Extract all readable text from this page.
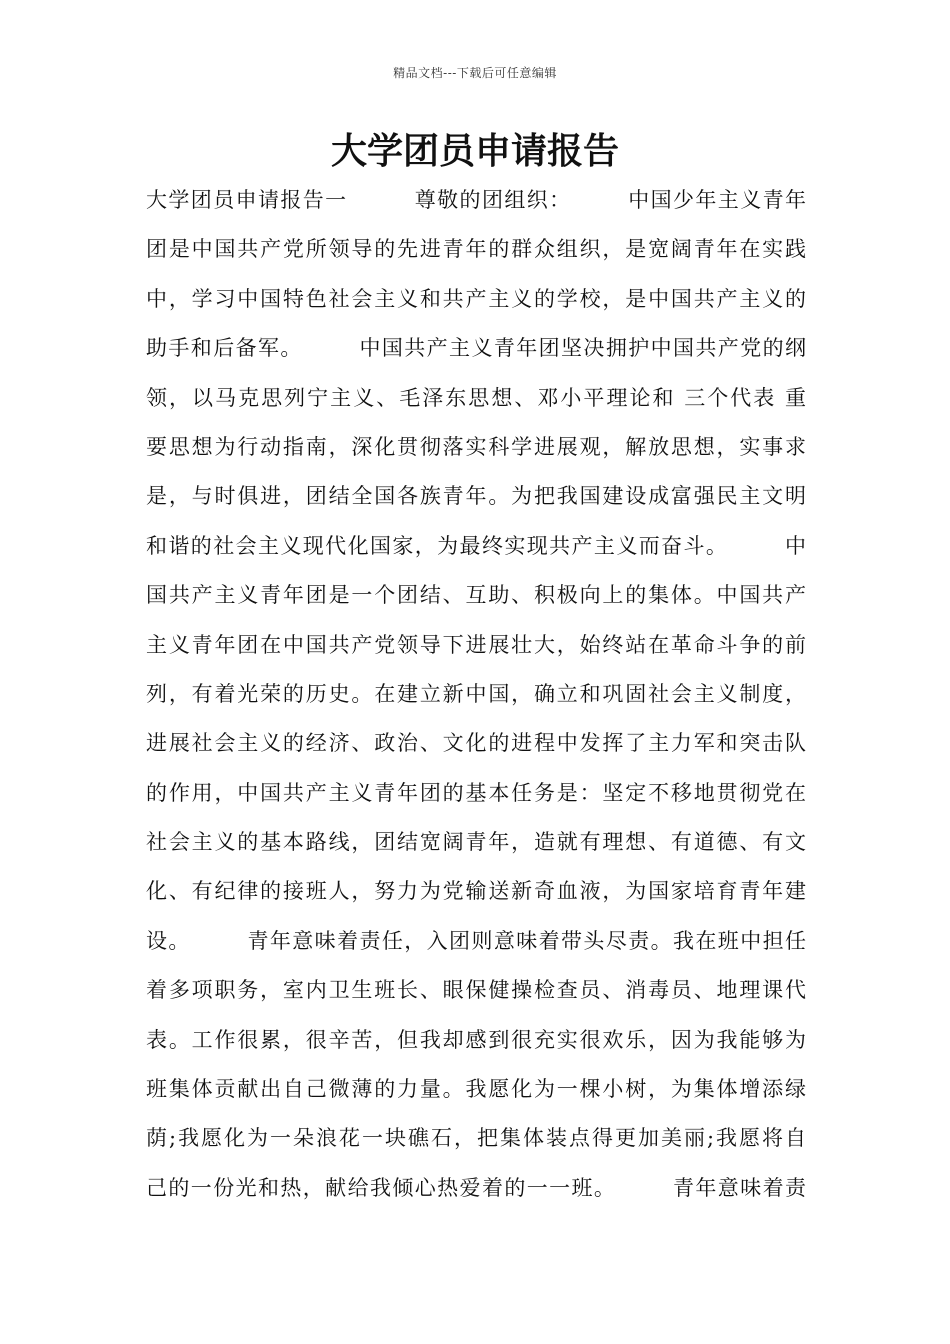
精品文档---下载后可任意编辑
大学团员申请报告
大学团员申请报告一　　　尊敬的团组织：　　　中国少年主义青年
团是中国共产党所领导的先进青年的群众组织，是宽阔青年在实践
中，学习中国特色社会主义和共产主义的学校，是中国共产主义的
助手和后备军。　　　中国共产主义青年团坚决拥护中国共产党的纲
领，以马克思列宁主义、毛泽东思想、邓小平理论和 三个代表 重
要思想为行动指南，深化贯彻落实科学进展观，解放思想，实事求
是，与时俱进，团结全国各族青年。为把我国建设成富强民主文明
和谐的社会主义现代化国家，为最终实现共产主义而奋斗。　　　中
国共产主义青年团是一个团结、互助、积极向上的集体。中国共产
主义青年团在中国共产党领导下进展壮大，始终站在革命斗争的前
列，有着光荣的历史。在建立新中国，确立和巩固社会主义制度，
进展社会主义的经济、政治、文化的进程中发挥了主力军和突击队
的作用，中国共产主义青年团的基本任务是：坚定不移地贯彻党在
社会主义的基本路线，团结宽阔青年，造就有理想、有道德、有文
化、有纪律的接班人，努力为党输送新奇血液，为国家培育青年建
设。　　　青年意味着责任，入团则意味着带头尽责。我在班中担任
着多项职务，室内卫生班长、眼保健操检查员、消毒员、地理课代
表。工作很累，很辛苦，但我却感到很充实很欢乐，因为我能够为
班集体贡献出自己微薄的力量。我愿化为一棵小树，为集体增添绿
荫;我愿化为一朵浪花一块礁石，把集体装点得更加美丽;我愿将自
己的一份光和热，献给我倾心热爱着的一一班。　　　青年意味着责
